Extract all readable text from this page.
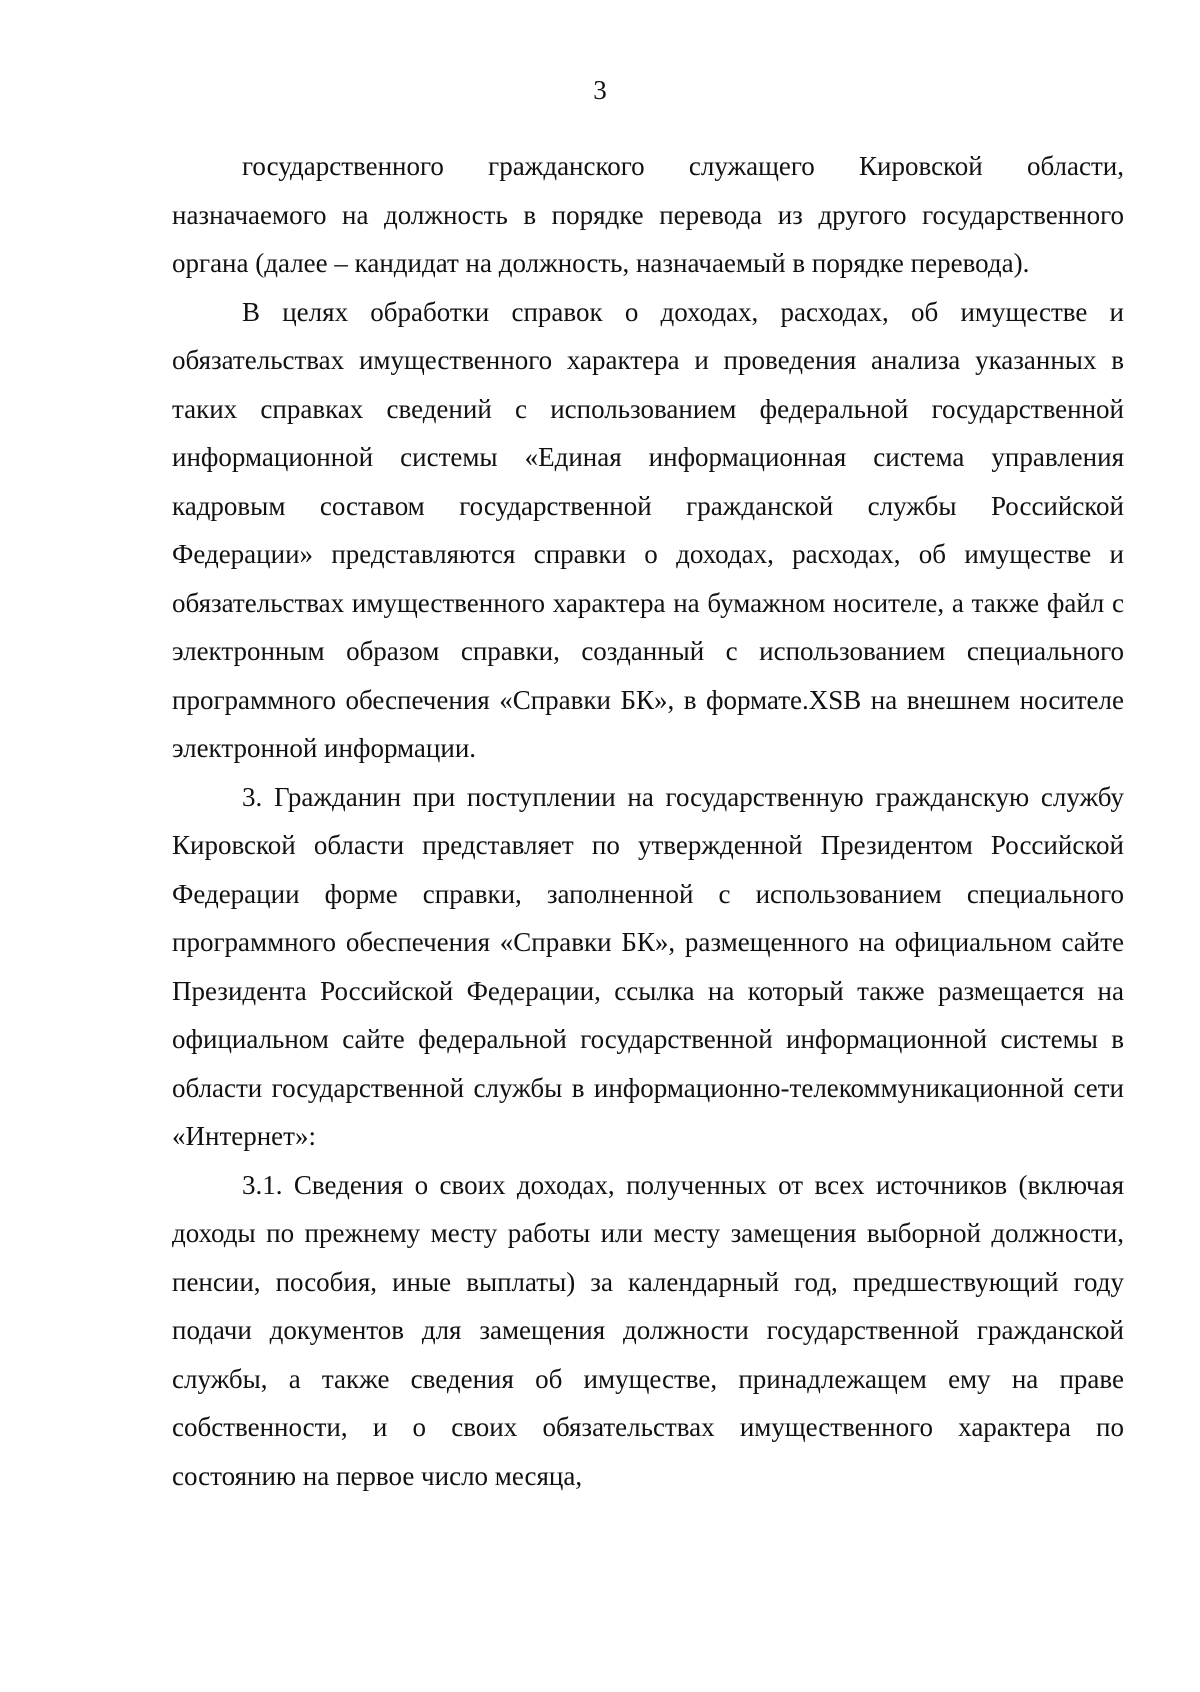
3

государственного гражданского служащего Кировской области, назначаемого на должность в порядке перевода из другого государственного органа (далее – кандидат на должность, назначаемый в порядке перевода).

В целях обработки справок о доходах, расходах, об имуществе и обязательствах имущественного характера и проведения анализа указанных в таких справках сведений с использованием федеральной государственной информационной системы «Единая информационная система управления кадровым составом государственной гражданской службы Российской Федерации» представляются справки о доходах, расходах, об имуществе и обязательствах имущественного характера на бумажном носителе, а также файл с электронным образом справки, созданный с использованием специального программного обеспечения «Справки БК», в формате.XSB на внешнем носителе электронной информации.

3. Гражданин при поступлении на государственную гражданскую службу Кировской области представляет по утвержденной Президентом Российской Федерации форме справки, заполненной с использованием специального программного обеспечения «Справки БК», размещенного на официальном сайте Президента Российской Федерации, ссылка на который также размещается на официальном сайте федеральной государственной информационной системы в области государственной службы в информационно-телекоммуникационной сети «Интернет»:

3.1. Сведения о своих доходах, полученных от всех источников (включая доходы по прежнему месту работы или месту замещения выборной должности, пенсии, пособия, иные выплаты) за календарный год, предшествующий году подачи документов для замещения должности государственной гражданской службы, а также сведения об имуществе, принадлежащем ему на праве собственности, и о своих обязательствах имущественного характера по состоянию на первое число месяца,
